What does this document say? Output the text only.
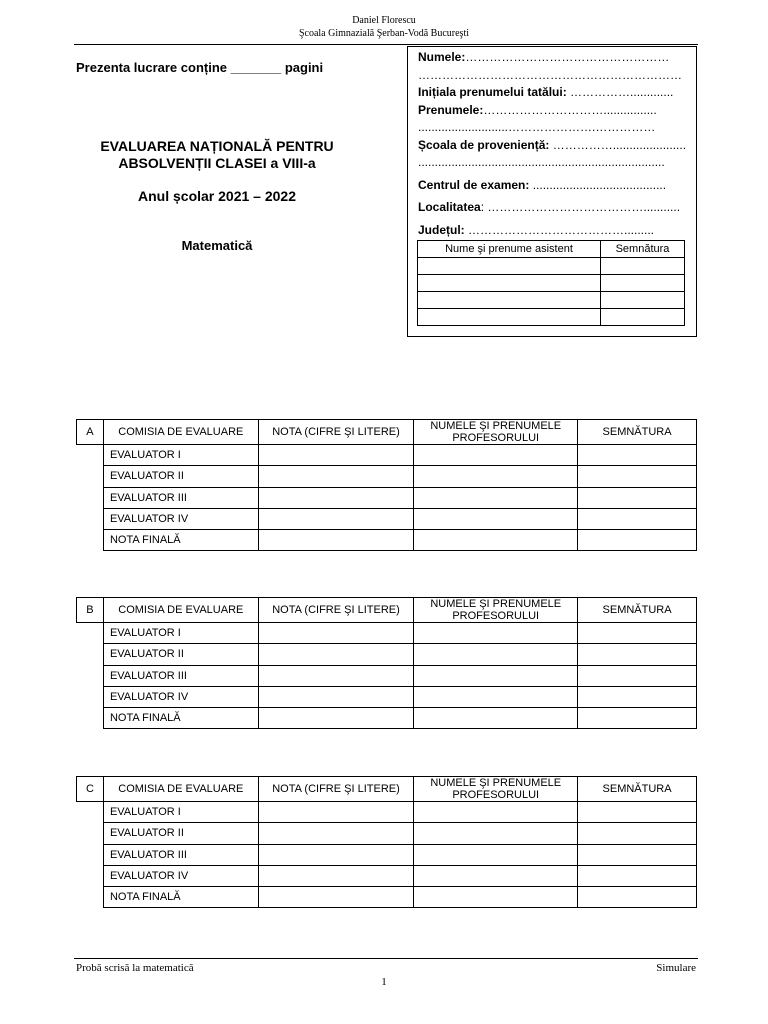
Daniel Florescu
Şcoala Gimnazială Şerban-Vodă Bucureşti
Prezenta lucrare conține _______ pagini
EVALUAREA NAȚIONALĂ PENTRU
ABSOLVENȚII CLASEI a VIII-a
Anul școlar 2021 – 2022
Matematică
Numele:……………………………………………
…………………………………………………………
Inițiala prenumelui tatălui: …………….............
Prenumele:…………………………................
...........................………………….……………
Școala de proveniență: ……………......................
..........................................................................
Centrul de examen: ........................................
Localitatea: …………………………………...........
Județul: ………………………………….........
Nume şi prenume asistent	Semnătura

A	COMISIA DE EVALUARE	NOTA (CIFRE ŞI LITERE)	NUMELE ŞI PRENUMELE PROFESORULUI	SEMNĂTURA
	EVALUATOR I			
	EVALUATOR II			
	EVALUATOR III			
	EVALUATOR IV			
	NOTA FINALĂ			
B	COMISIA DE EVALUARE	NOTA (CIFRE ŞI LITERE)	NUMELE ŞI PRENUMELE PROFESORULUI	SEMNĂTURA
	EVALUATOR I			
	EVALUATOR II			
	EVALUATOR III			
	EVALUATOR IV			
	NOTA FINALĂ			
C	COMISIA DE EVALUARE	NOTA (CIFRE ŞI LITERE)	NUMELE ŞI PRENUMELE PROFESORULUI	SEMNĂTURA
	EVALUATOR I			
	EVALUATOR II			
	EVALUATOR III			
	EVALUATOR IV			
	NOTA FINALĂ			
Probă scrisă la matematică	Simulare
1
